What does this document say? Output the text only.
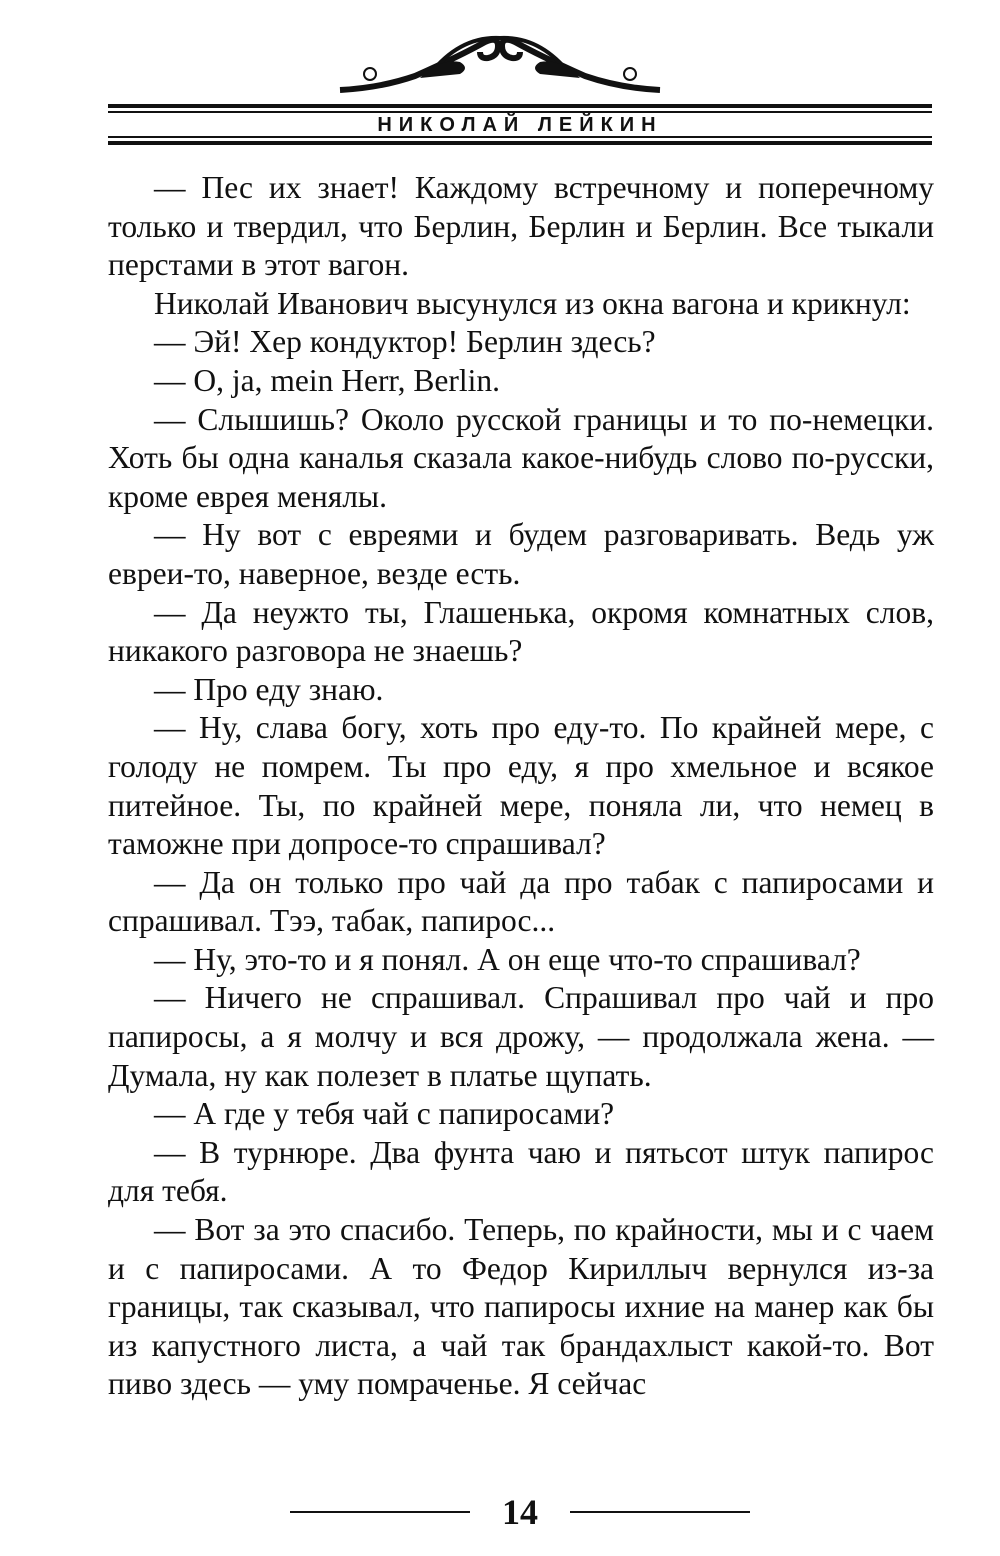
НИКОЛАЙ ЛЕЙКИН

— Пес их знает! Каждому встречному и поперечному только и твердил, что Берлин, Берлин и Берлин. Все тыкали перстами в этот вагон.

Николай Иванович высунулся из окна вагона и крикнул:

— Эй! Хер кондуктор! Берлин здесь?

— О, ja, mein Herr, Berlin.

— Слышишь? Около русской границы и то по-немецки. Хоть бы одна каналья сказала какое-нибудь слово по-русски, кроме еврея менялы.

— Ну вот с евреями и будем разговаривать. Ведь уж евреи-то, наверное, везде есть.

— Да неужто ты, Глашенька, окромя комнатных слов, никакого разговора не знаешь?

— Про еду знаю.

— Ну, слава богу, хоть про еду-то. По крайней мере, с голоду не помрем. Ты про еду, я про хмельное и всякое питейное. Ты, по крайней мере, поняла ли, что немец в таможне при допросе-то спрашивал?

— Да он только про чай да про табак с папиросами и спрашивал. Тээ, табак, папирос...

— Ну, это-то и я понял. А он еще что-то спрашивал?

— Ничего не спрашивал. Спрашивал про чай и про папиросы, а я молчу и вся дрожу, — продолжала жена. — Думала, ну как полезет в платье щупать.

— А где у тебя чай с папиросами?

— В турнюре. Два фунта чаю и пятьсот штук папирос для тебя.

— Вот за это спасибо. Теперь, по крайности, мы и с чаем и с папиросами. А то Федор Кириллыч вернулся из-за границы, так сказывал, что папиросы ихние на манер как бы из капустного листа, а чай так брандахлыст какой-то. Вот пиво здесь — уму помраченье. Я сейчас

14
